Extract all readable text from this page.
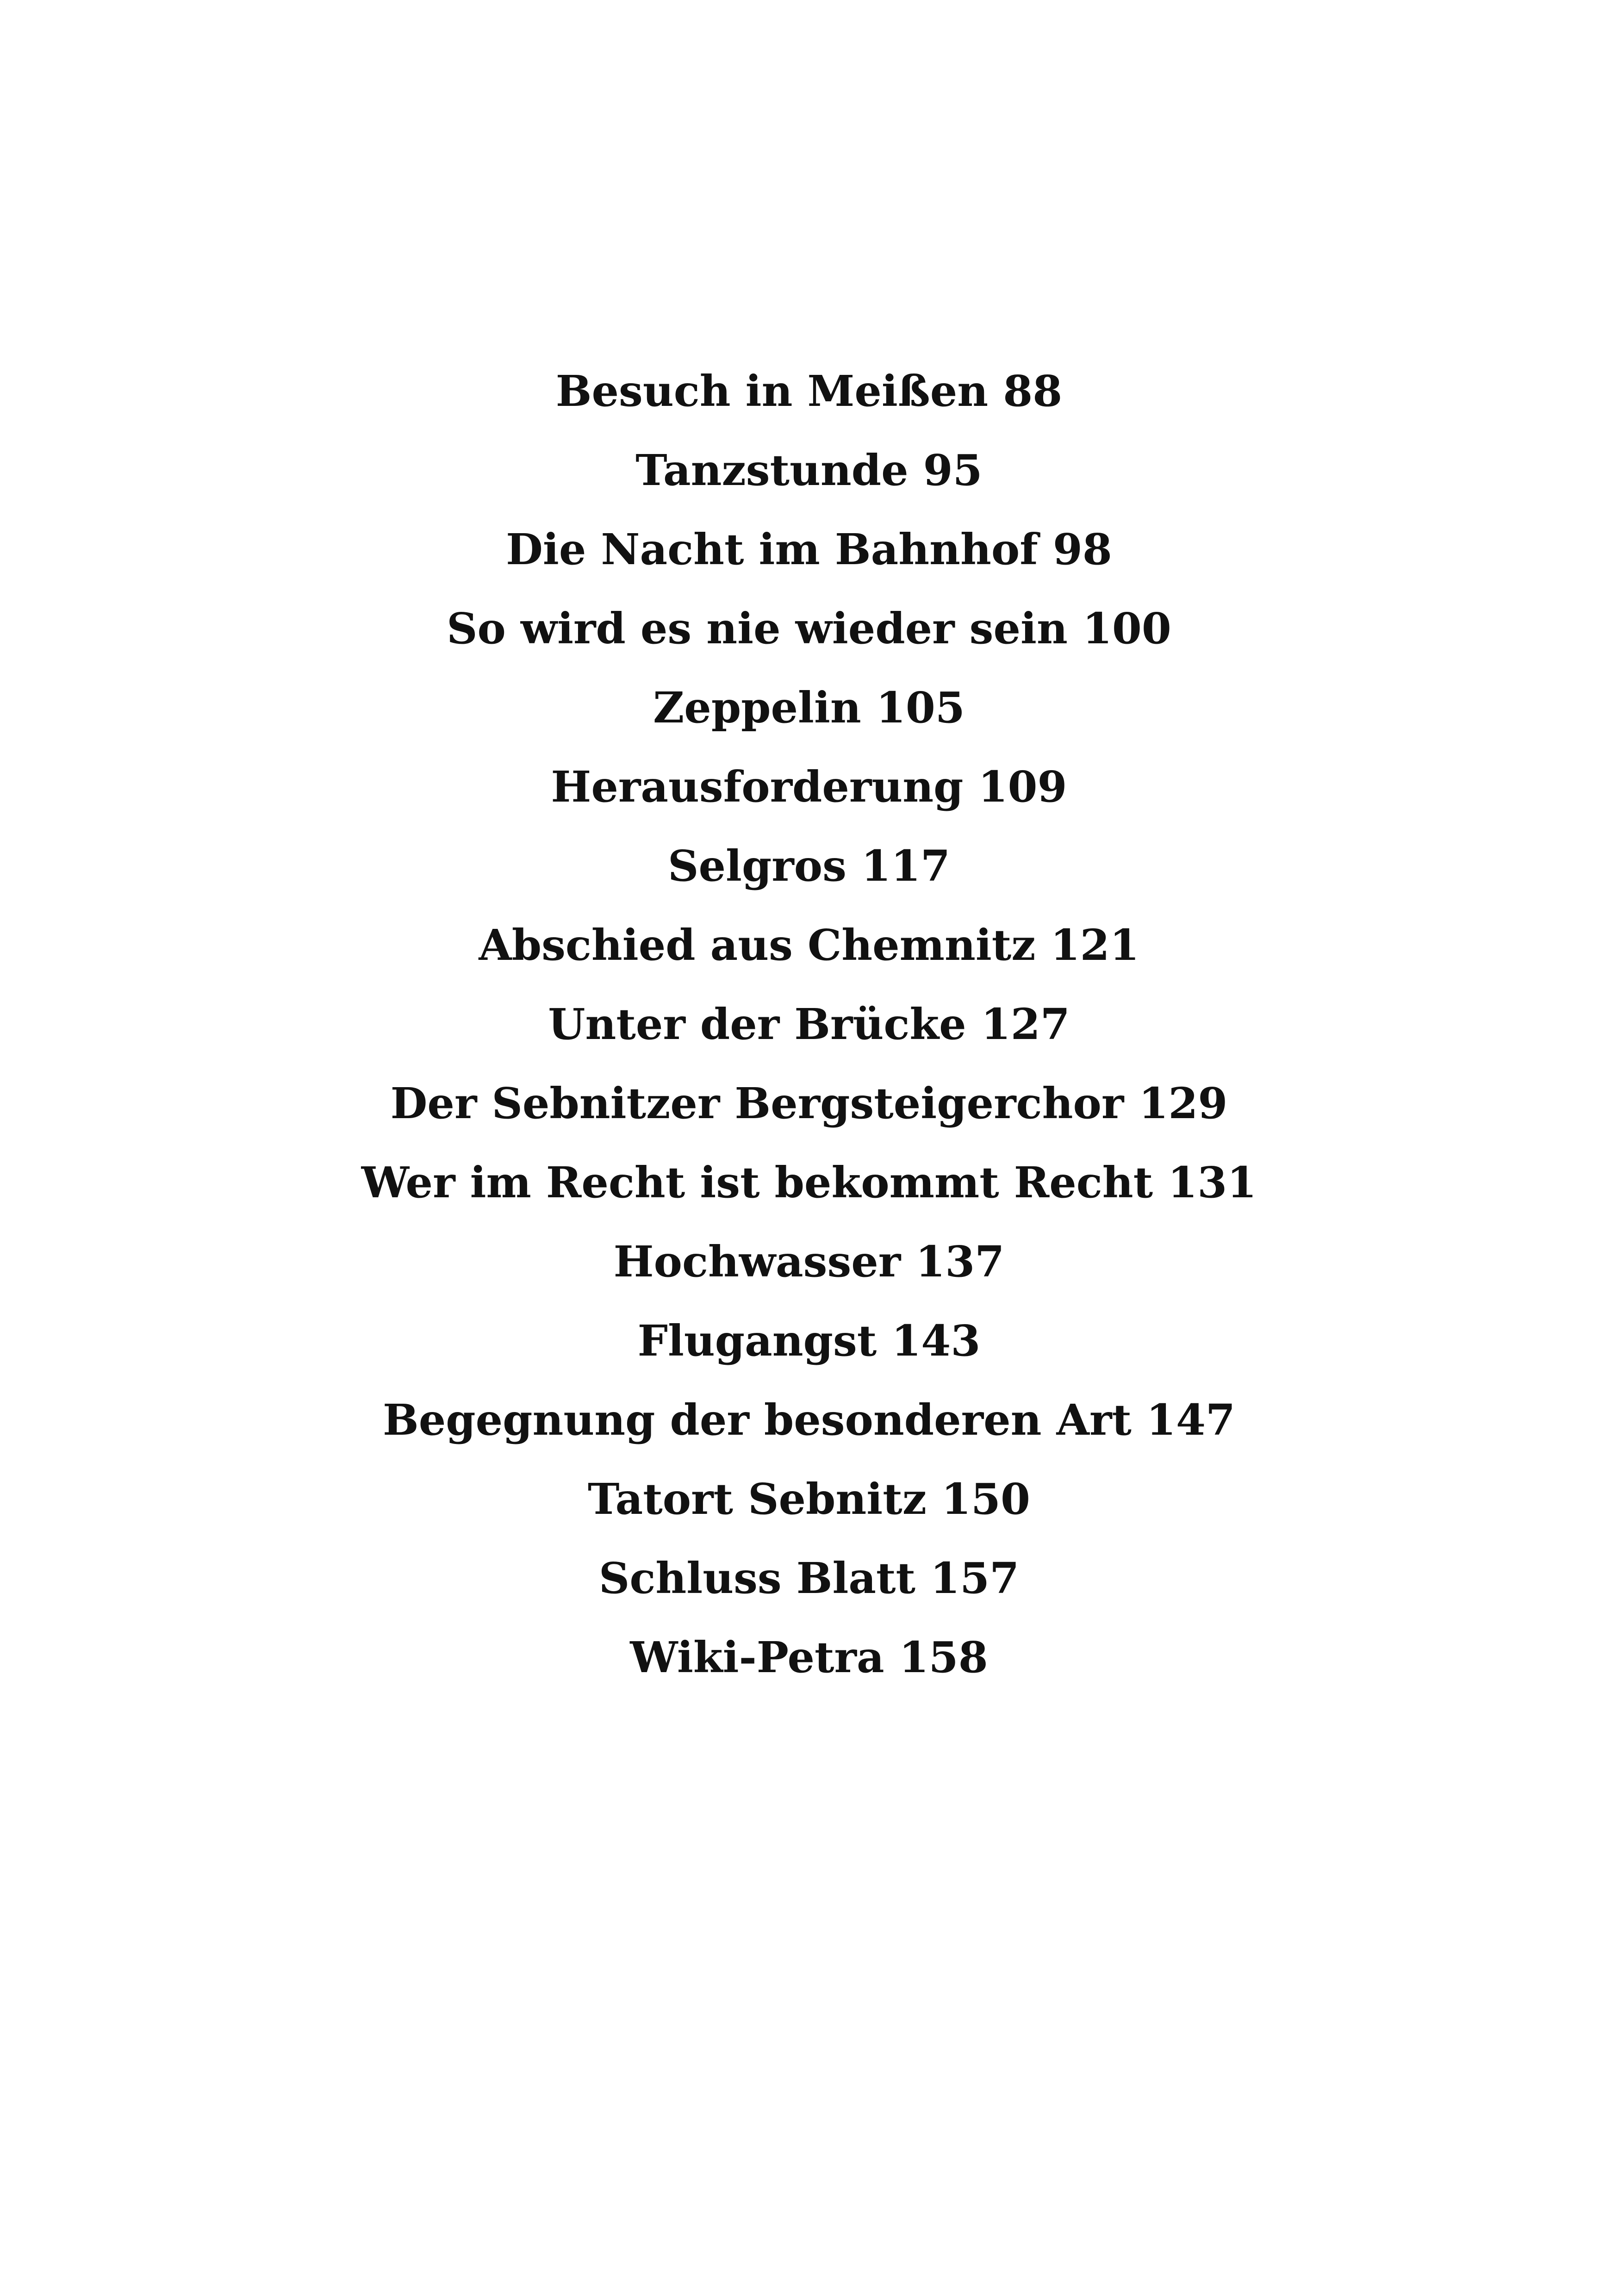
Besuch in Meißen 88
Tanzstunde 95
Die Nacht im Bahnhof 98
So wird es nie wieder sein 100
Zeppelin 105
Herausforderung 109
Selgros 117
Abschied aus Chemnitz 121
Unter der Brücke 127
Der Sebnitzer Bergsteigerchor 129
Wer im Recht ist bekommt Recht 131
Hochwasser 137
Flugangst 143
Begegnung der besonderen Art 147
Tatort Sebnitz 150
Schluss Blatt 157
Wiki-Petra 158
